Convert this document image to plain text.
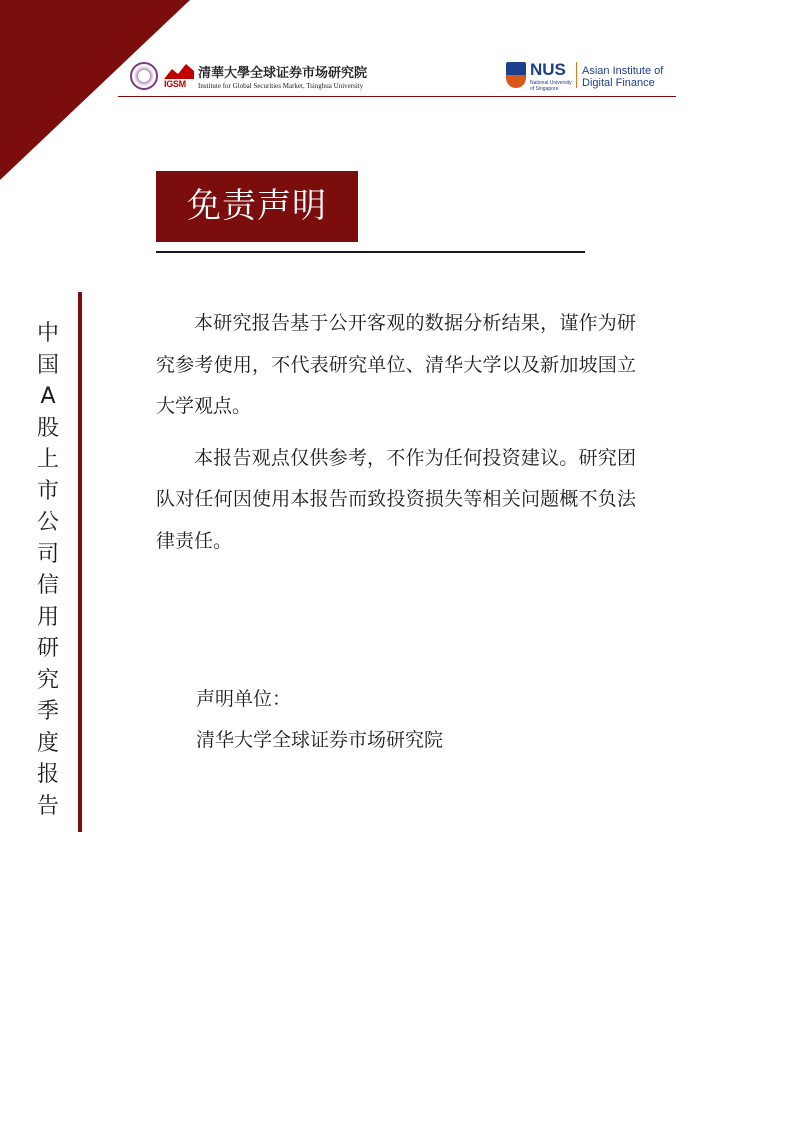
IGSM
清華大學全球证券市场研究院
Institute for Global Securities Market, Tsinghua University
NUS
National University of Singapore
Asian Institute of
Digital Finance
中
国
A
股
上
市
公
司
信
用
研
究
季
度
报
告
免责声明

本研究报告基于公开客观的数据分析结果，谨作为研究参考使用，不代表研究单位、清华大学以及新加坡国立大学观点。

本报告观点仅供参考，不作为任何投资建议。研究团队对任何因使用本报告而致投资损失等相关问题概不负法律责任。

声明单位：
清华大学全球证券市场研究院
